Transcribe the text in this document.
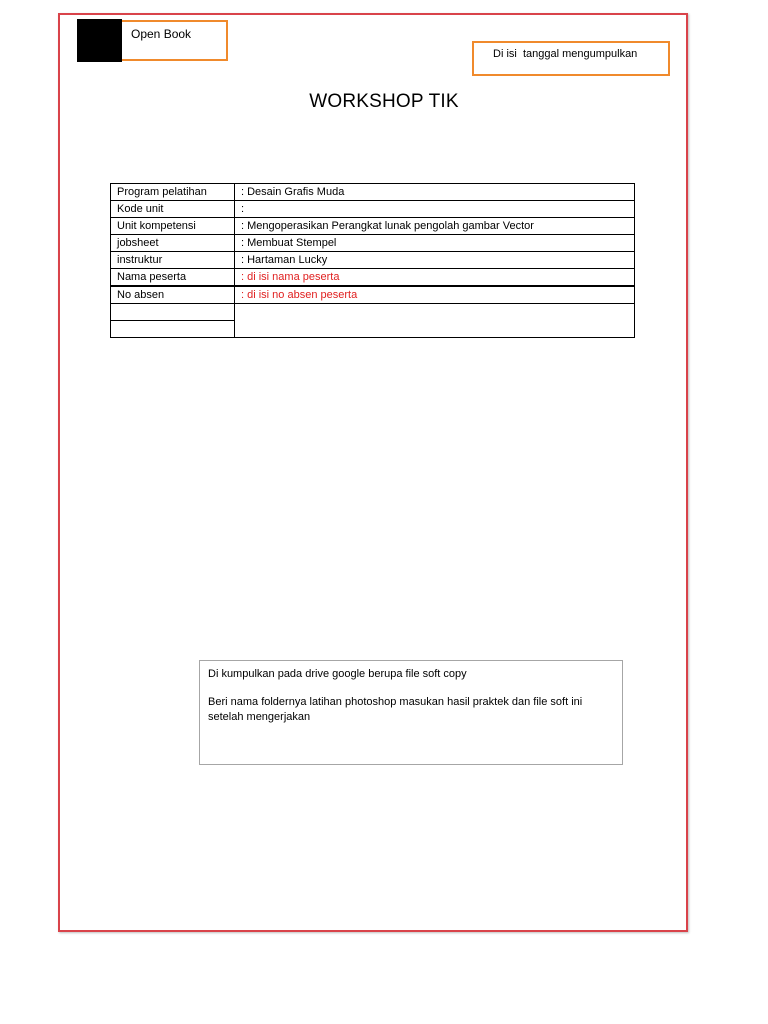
Open Book
Di isi  tanggal mengumpulkan
WORKSHOP TIK
Program pelatihan	: Desain Grafis Muda
Kode unit	:
Unit kompetensi	: Mengoperasikan Perangkat lunak pengolah gambar Vector
jobsheet	: Membuat Stempel
instruktur	: Hartaman Lucky
Nama peserta	: di isi nama peserta
No absen	: di isi no absen peserta

Di kumpulkan pada drive google berupa file soft copy

Beri nama foldernya latihan photoshop masukan hasil praktek dan file soft ini setelah mengerjakan
